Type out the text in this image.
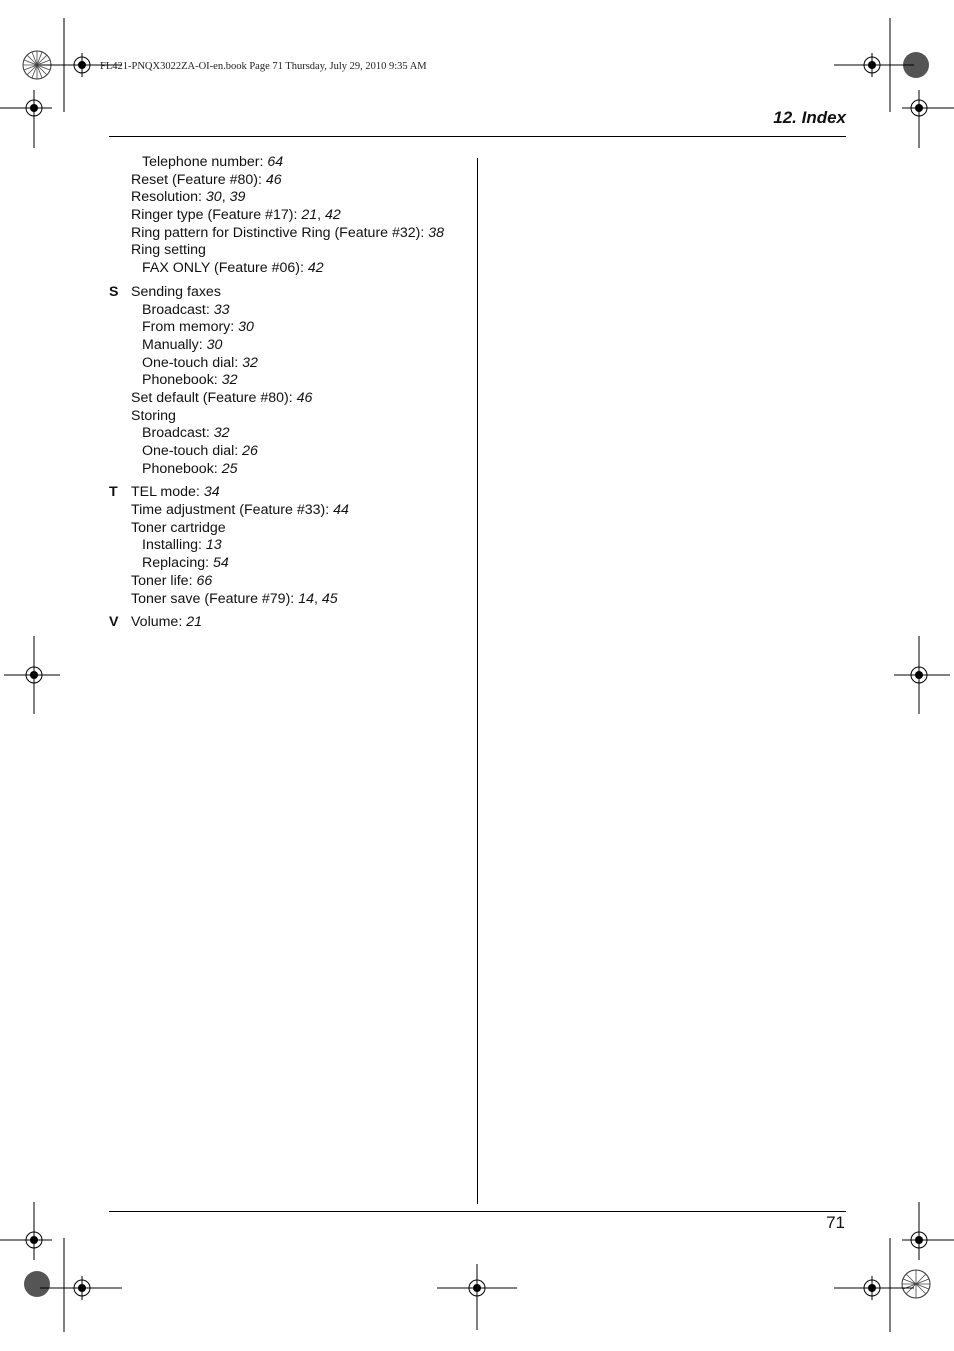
FL421-PNQX3022ZA-OI-en.book Page 71 Thursday, July 29, 2010 9:35 AM
12. Index
Telephone number: 64
Reset (Feature #80): 46
Resolution: 30, 39
Ringer type (Feature #17): 21, 42
Ring pattern for Distinctive Ring (Feature #32): 38
Ring setting
FAX ONLY (Feature #06): 42
S Sending faxes
Broadcast: 33
From memory: 30
Manually: 30
One-touch dial: 32
Phonebook: 32
Set default (Feature #80): 46
Storing
Broadcast: 32
One-touch dial: 26
Phonebook: 25
T TEL mode: 34
Time adjustment (Feature #33): 44
Toner cartridge
Installing: 13
Replacing: 54
Toner life: 66
Toner save (Feature #79): 14, 45
V Volume: 21
71
